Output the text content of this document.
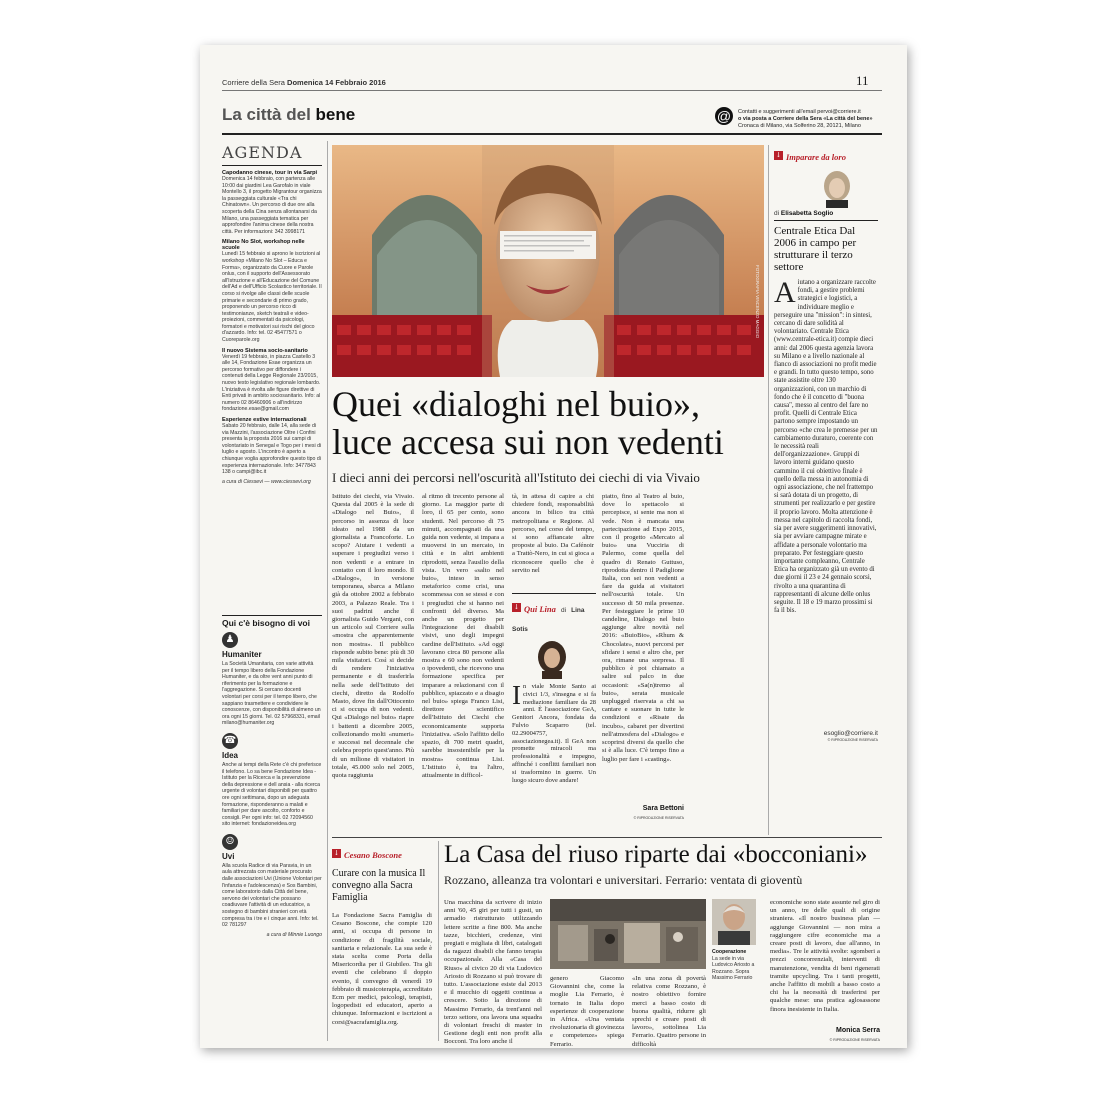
Corriere della Sera Domenica 14 Febbraio 2016	11
La città del bene	@	Contatti e suggerimenti all'email pervoi@corriere.it
o via posta a Corriere della Sera «La città del bene»
Cronaca di Milano, via Solferino 28, 20121, Milano
AGENDA
Capodanno cinese, tour in via Sarpi
Domenica 14 febbraio, con partenza alle 10:00 dai giardini Lea Garofalo in viale Montello 3, il progetto Migrantour organizza la passeggiata culturale «Tra chi Chinatown». Un percorso di due ore alla scoperta della Cina senza allontanarsi da Milano, una passeggiata tematica per approfondire l'anima cinese della nostra città. Per informazioni: 342 3998171
Milano No Slot, workshop nelle scuole
Lunedì 15 febbraio si aprono le iscrizioni al workshop «Milano No Slot – Educa e Forma», organizzato da Cuore e Parole onlus, con il supporto dell'Assessorato all'Istruzione e all'Educazione del Comune dell'Ad e dell'Ufficio Scolastico territoriale. Il corso si rivolge alle classi delle scuole primarie e secondarie di primo grado, proponendo un percorso ricco di testimonianze, sketch teatrali e video-proiezioni, commentati da psicologi, formatori e motivatori sui rischi del gioco d'azzardo. Info: tel. 02 45477571 o Cuoreparole.org
Il nuovo Sistema socio-sanitario
Venerdì 19 febbraio, in piazza Castello 3 alle 14, Fondazione Esae organizza un percorso formativo per diffondere i contenuti della Legge Regionale 23/2015, nuovo testo legislativo regionale lombardo. L'iniziativa è rivolta alle figure direttive di Enti privati in ambito sociosanitario. Info: al numero 02 86460906 o all'indirizzo fondazione.esae@gmail.com
Esperienze estive internazionali
Sabato 20 febbraio, dalle 14, alla sede di via Mazzini, l'associazione Oltre i Confini presenta la proposta 2016 sui campi di volontariato in Senegal e Togo per i mesi di luglio e agosto. L'incontro è aperto a chiunque voglia approfondire questo tipo di esperienza internazionale. Info: 3477843 138 o campi@ibc.it
a cura di Ciessevi — www.ciessevi.org
Qui c'è bisogno di voi
♟
Humaniter
La Società Umanitaria, con varie attività per il tempo libero della Fondazione Humaniter, e da oltre vent anni punto di riferimento per la formazione e l'aggregazione. Si cercano docenti volontari per corsi per il tempo libero, che sappiano trasmettere e condividere le conoscenze, con disponibilità di almeno un ora ogni 15 giorni. Tel. 02 57968331, email milano@humaniter.org
☎
Idea
Anche ai tempi della Rete c'è chi preferisce il telefono. Lo sa bene Fondazione Idea - Istituto per la Ricerca e la prevenzione della depressione e dell ansia - alla ricerca urgente di volontari disponibili per quattro ore ogni settimana, dopo un adeguata formazione, risponderanno a malati e familiari per dare ascolto, conforto e consigli. Per ogni info: tel. 02 72094560 sito internet: fondazioneidea.org
☺
Uvi
Alla scuola Radice di via Paravia, in un aula attrezzata con materiale procurato dalle associazioni Uvi (Unione Volontari per l'infanzia e l'adolescenza) e Sos Bambini, come laboratorio dalla Città del bene, servono dei volontari che possano coadiuvare l'attività di un educatrice, a sostegno di bambini stranieri con età compresa tra i tre e i cinque anni. Info: tel. 02 781297
a cura di Minnie Luongo
FOTOGRAFIA VINCENZO MAGGIO
Quei «dialoghi nel buio»,
luce accesa sui non vedenti
I dieci anni dei percorsi nell'oscurità all'Istituto dei ciechi di via Vivaio
Istituto dei ciechi, via Vivaio. Questa dal 2005 è la sede di «Dialogo nel Buio», il percorso in assenza di luce ideato nel 1988 da un giornalista a Francoforte. Lo scopo? Aiutare i vedenti a superare i pregiudizi verso i non vedenti e a entrare in contatto con il loro mondo. Il «Dialogo», in versione temporanea, sbarca a Milano già da ottobre 2002 a febbraio 2003, a Palazzo Reale. Tra i suoi padrini anche il giornalista Guido Vergani, con un articolo sul Corriere sulla «mostra che apparentemente non mostra». Il pubblico risponde subito bene: più di 30 mila visitatori. Così si decide di rendere l'iniziativa permanente e di trasferirla nella sede dell'Istituto dei ciechi, diretto da Rodolfo Masto, dove fin dall'Ottocento ci si occupa di non vedenti. Qui «Dialogo nel buio» riapre i battenti a dicembre 2005, collezionando molti «numeri» e successi nel decennale che celebra proprio quest'anno. Più di un milione di visitatori in totale, 45.000 solo nel 2005, quota raggiunta
al ritmo di trecento persone al giorno. La maggior parte di loro, il 65 per cento, sono studenti. Nel percorso di 75 minuti, accompagnati da una guida non vedente, si impara a muoversi in un mercato, in città e in altri ambienti riprodotti, senza l'ausilio della vista. Un vero «salto nel buio», inteso in senso metaforico come crisi, una scommessa con se stessi e con i pregiudizi che si hanno nei confronti del diverso. Ma anche un progetto per l'integrazione dei disabili visivi, uno degli impegni cardine dell'Istituto. «Ad oggi lavorano circa 80 persone alla mostra e 60 sono non vedenti o ipovedenti, che ricevono una formazione specifica per imparare a relazionarsi con il pubblico, spiazzato e a disagio nel buio» spiega Franco Lisi, direttore scientifico dell'Istituto dei Ciechi che economicamente supporta l'iniziativa. «Solo l'affitto dello spazio, di 700 metri quadri, sarebbe insostenibile per la mostra» continua Lisi. L'Istituto è, tra l'altro, attualmente in difficol-
tà, in attesa di capire a chi chiedere fondi, responsabilità ancora in bilico tra città metropolitana e Regione. Al percorso, nel corso del tempo, si sono affiancate altre proposte al buio. Da Cafénoir a Trattò-Nero, in cui si gioca a riconoscere quello che è servito nel
piatto, fino al Teatro al buio, dove lo spettacolo si percepisce, si sente ma non si vede. Non è mancata una partecipazione ad Expo 2015, con il progetto «Mercato al buio» una Vucciria di Palermo, come quella del quadro di Renato Guttuso, riprodotta dentro il Padiglione Italia, con sei non vedenti a fare da guida ai visitatori nell'oscurità totale. Un successo di 50 mila presenze. Per festeggiare le prime 10 candeline, Dialogo nel buio aggiunge altre novità nel 2016: «BuioBio», «Rhum & Chocolate», nuovi percorsi per sfidare i sensi e altro che, per ora, rimane una sorpresa. Il pubblico è poi chiamato a salire sul palco in due occasioni: «Sa(n)tremo al buio», serata musicale unplugged riservata a chi sa cantare e suonare in tutte le condizioni e «Risate da incubo», cabaret per divertirsi nell'atmosfera del «Dialogo» e scoprirsi diversi da quello che si è alla luce. C'è tempo fino a luglio per fare i «casting».
Sara Bettoni
© RIPRODUZIONE RISERVATA
↓ Qui Lina di Lina Sotis
In viale Monte Santo ai civici 1/3, s'insegna e si fa mediazione familiare da 28 anni. È l'associazione GeA, Genitori Ancora, fondata da Fulvio Scaparro (tel. 02.29004757, associazionegea.it). Il GeA non promette miracoli ma professionalità e impegno, affinché i conflitti familiari non si trasformino in guerre. Un luogo sicuro dove andare!
↓ Imparare da loro
di Elisabetta Soglio
Centrale Etica Dal 2006 in campo per strutturare il terzo settore
Aiutano a organizzare raccolte fondi, a gestire problemi strategici e logistici, a individuare meglio e perseguire una "mission": in sintesi, cercano di dare solidità al volontariato. Centrale Etica (www.centrale-etica.it) compie dieci anni: dal 2006 questa agenzia lavora su Milano e a livello nazionale al fianco di associazioni no profit medie e grandi. In tutto questo tempo, sono state assistite oltre 130 organizzazioni, con un marchio di fondo che è il concetto di "buona causa", messo al centro del fare no profit. Quelli di Centrale Etica partono sempre impostando un percorso «che crea le premesse per un cambiamento duraturo, coerente con le necessità reali dell'organizzazione». Gruppi di lavoro interni guidano questo cammino il cui obiettivo finale è quello della messa in autonomia di ogni associazione, che nel frattempo si sarà dotata di un progetto, di strumenti per realizzarlo e per gestire il proprio lavoro. Molta attenzione è messa nel capitolo di raccolta fondi, sia per avere suggerimenti innovativi, sia per avviare campagne mirate e affidate a personale volontario ma preparato. Per festeggiare questo importante compleanno, Centrale Etica ha organizzato già un evento di due giorni il 23 e 24 gennaio scorsi, rivolto a una quarantina di rappresentanti di alcune delle onlus seguite. Il 18 e 19 marzo prossimi si fa il bis.
esoglio@corriere.it
© RIPRODUZIONE RISERVATA
↓ Cesano Boscone
Curare con la musica Il convegno alla Sacra Famiglia
La Fondazione Sacra Famiglia di Cesano Boscone, che compie 120 anni, si occupa di persone in condizione di fragilità sociale, sanitaria e relazionale. La sua sede è stata scelta come Porta della Misericordia per il Giubileo. Tra gli eventi che celebrano il doppio evento, il convegno di venerdì 19 febbraio di musicoterapia, accreditato Ecm per medici, psicologi, terapisti, logopedisti ed educatori, aperto a chiunque. Informazioni e iscrizioni a corsi@sacrafamiglia.org.
La Casa del riuso riparte dai «bocconiani»
Rozzano, alleanza tra volontari e universitari. Ferrario: ventata di gioventù
Una macchina da scrivere di inizio anni '60, 45 giri per tutti i gusti, un armadio ristrutturato utilizzando lettere scritte a fine 800. Ma anche tazze, bicchieri, credenze, vini pregiati e migliaia di libri, catalogati da ragazzi disabili che fanno terapia occupazionale. Alla «Casa del Riuso» al civico 20 di via Ludovico Ariosto di Rozzano si può trovare di tutto. L'associazione esiste dal 2013 e il mucchio di oggetti continua a crescere. Sotto la direzione di Massimo Ferrario, da trent'anni nel terzo settore, ora lavora una squadra di volontari freschi di master in Gestione degli enti non profit alla Bocconi. Tra loro anche il
Cooperazione
La sede in via Ludovico Ariosto a Rozzano. Sopra Massimo Ferrario
genero Giacomo Giovannini che, come la moglie Lia Ferrario, è tornato in Italia dopo esperienze di cooperazione in Africa. «Una ventata rivoluzionaria di giovinezza e competenze» spiega Ferrario.
«In una zona di povertà relativa come Rozzano, è nostro obiettivo fornire merci a basso costo di buona qualità, ridurre gli sprechi e creare posti di lavoro», sottolinea Lia Ferrario. Quattro persone in difficoltà
economiche sono state assunte nel giro di un anno, tre delle quali di origine straniera. «Il nostro business plan — aggiunge Giovannini — non mira a raggiungere cifre economiche ma a creare posti di lavoro, due all'anno, in media». Tre le attività svolte: sgomberi a prezzi concorrenziali, interventi di manutenzione, vendita di beni rigenerati tramite upcycling. Tra i tanti progetti, anche l'affitto di mobili a basso costo a chi ha la necessità di trasferirsi per qualche mese: una pratica aglosassone finora inesistente in Italia.
Monica Serra
© RIPRODUZIONE RISERVATA
